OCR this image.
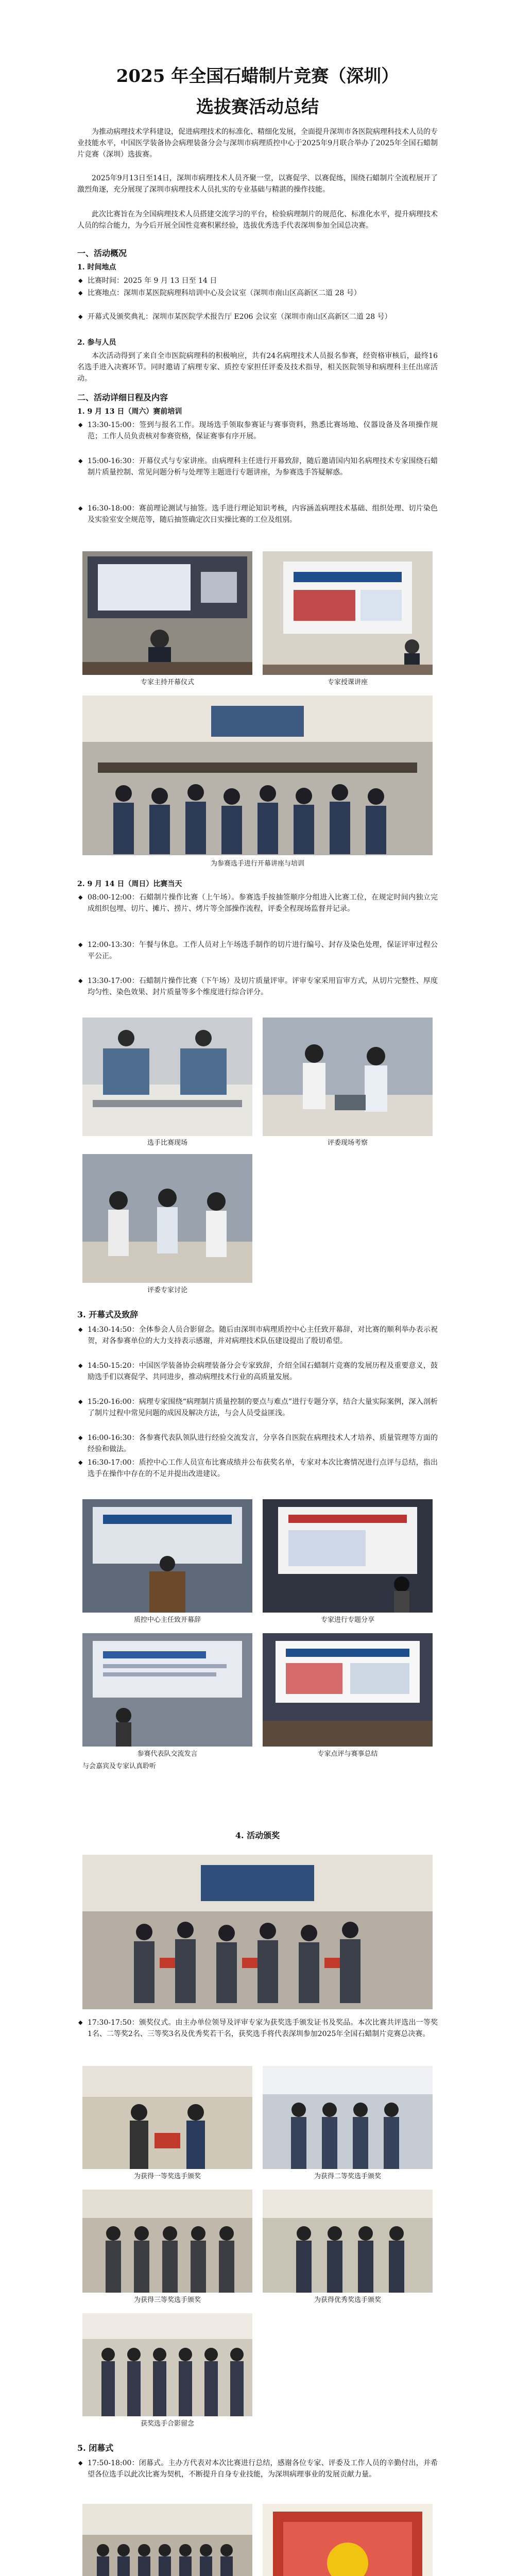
2025 年全国石蜡制片竞赛（深圳）
选拔赛活动总结
为推动病理技术学科建设，促进病理技术的标准化、精细化发展，全面提升深圳市各医院病理科技术人员的专业技能水平，中国医学装备协会病理装备分会与深圳市病理质控中心于2025年9月联合举办了2025年全国石蜡制片竞赛（深圳）选拔赛。
2025年9月13日至14日，深圳市病理技术人员齐聚一堂，以赛促学、以赛促练，围绕石蜡制片全流程展开了激烈角逐，充分展现了深圳市病理技术人员扎实的专业基础与精湛的操作技能。
此次比赛旨在为全国病理技术人员搭建交流学习的平台，检验病理制片的规范化、标准化水平，提升病理技术人员的综合能力，为今后开展全国性竞赛积累经验，选拔优秀选手代表深圳参加全国总决赛。
一、活动概况
1. 时间地点
◆ 比赛时间：2025 年 9 月 13 日至 14 日
◆ 比赛地点：深圳市某医院病理科培训中心及会议室（深圳市南山区高新区二道 28 号）
◆ 开幕式及颁奖典礼：深圳市某医院学术报告厅 E206 会议室（深圳市南山区高新区二道 28 号）
2. 参与人员
本次活动得到了来自全市医院病理科的积极响应，共有24名病理技术人员报名参赛，经资格审核后，最终16名选手进入决赛环节。同时邀请了病理专家、质控专家担任评委及技术指导，相关医院领导和病理科主任出席活动。
二、活动详细日程及内容
1. 9 月 13 日（周六）赛前培训
◆ 13:30-15:00：签到与报名工作。现场选手领取参赛证与赛事资料，熟悉比赛场地、仪器设备及各项操作规范；工作人员负责核对参赛资格，保证赛事有序开展。
◆ 15:00-16:30：开幕仪式与专家讲座。由病理科主任进行开幕致辞，随后邀请国内知名病理技术专家围绕石蜡制片质量控制、常见问题分析与处理等主题进行专题讲座，为参赛选手答疑解惑。
◆ 16:30-18:00：赛前理论测试与抽签。选手进行理论知识考核，内容涵盖病理技术基础、组织处理、切片染色及实验室安全规范等，随后抽签确定次日实操比赛的工位及组别。
专家主持开幕仪式	专家授课讲座
为参赛选手进行开幕讲座与培训
2. 9 月 14 日（周日）比赛当天
◆ 08:00-12:00：石蜡制片操作比赛（上午场）。参赛选手按抽签顺序分组进入比赛工位，在规定时间内独立完成组织包埋、切片、摊片、捞片、烤片等全部操作流程，评委全程现场监督并记录。
◆ 12:00-13:30：午餐与休息。工作人员对上午场选手制作的切片进行编号、封存及染色处理，保证评审过程公平公正。
◆ 13:30-17:00：石蜡制片操作比赛（下午场）及切片质量评审。评审专家采用盲审方式，从切片完整性、厚度均匀性、染色效果、封片质量等多个维度进行综合评分。
选手比赛现场	评委现场考察
评委专家讨论
3. 开幕式及致辞
◆ 14:30-14:50：全体参会人员合影留念。随后由深圳市病理质控中心主任致开幕辞，对比赛的顺利举办表示祝贺，对各参赛单位的大力支持表示感谢，并对病理技术队伍建设提出了殷切希望。
◆ 14:50-15:20：中国医学装备协会病理装备分会专家致辞，介绍全国石蜡制片竞赛的发展历程及重要意义，鼓励选手们以赛促学、共同进步，推动病理技术行业的高质量发展。
◆ 15:20-16:00：病理专家围绕“病理制片质量控制的要点与难点”进行专题分享，结合大量实际案例，深入剖析了制片过程中常见问题的成因及解决方法，与会人员受益匪浅。
◆ 16:00-16:30：各参赛代表队领队进行经验交流发言，分享各自医院在病理技术人才培养、质量管理等方面的经验和做法。
◆ 16:30-17:00：质控中心工作人员宣布比赛成绩并公布获奖名单，专家对本次比赛情况进行点评与总结，指出选手在操作中存在的不足并提出改进建议。
质控中心主任致开幕辞	专家进行专题分享
参赛代表队交流发言	专家点评与赛事总结
与会嘉宾及专家认真聆听
4. 活动颁奖
◆ 17:30-17:50：颁奖仪式。由主办单位领导及评审专家为获奖选手颁发证书及奖品。本次比赛共评选出一等奖1名、二等奖2名、三等奖3名及优秀奖若干名，获奖选手将代表深圳参加2025年全国石蜡制片竞赛总决赛。
为获得一等奖选手颁奖	为获得二等奖选手颁奖
为获得三等奖选手颁奖	为获得优秀奖选手颁奖
获奖选手合影留念
5. 闭幕式
◆ 17:50-18:00：闭幕式。主办方代表对本次比赛进行总结，感谢各位专家、评委及工作人员的辛勤付出，并希望各位选手以此次比赛为契机，不断提升自身专业技能，为深圳病理事业的发展贡献力量。
